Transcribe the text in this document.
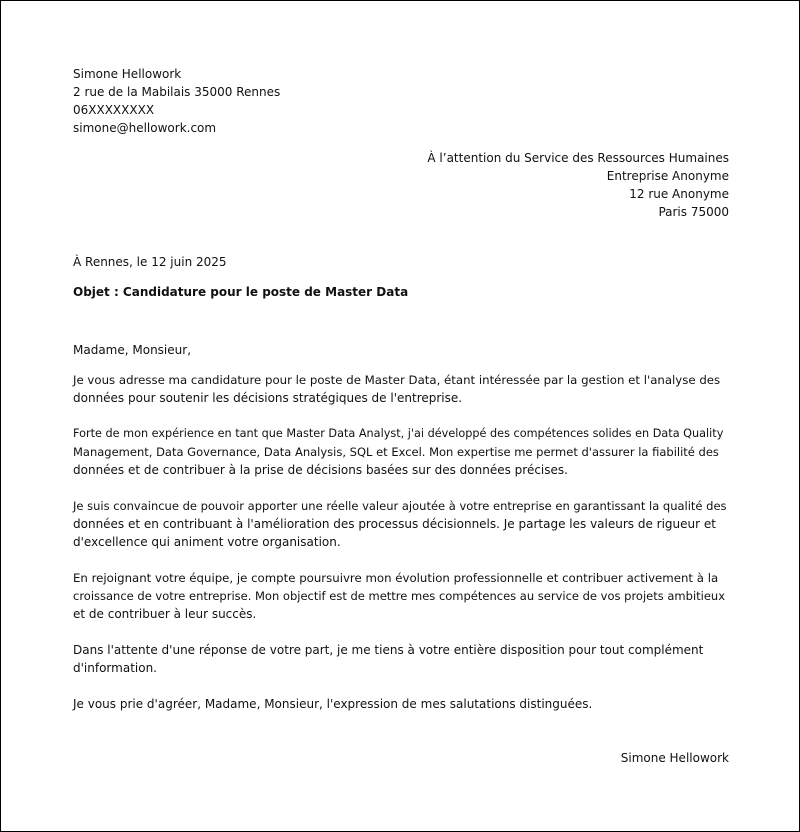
Simone Hellowork
2 rue de la Mabilais 35000 Rennes
06XXXXXXXX
simone@hellowork.com
À l’attention du Service des Ressources Humaines
Entreprise Anonyme
12 rue Anonyme
Paris 75000
À Rennes, le 12 juin 2025
Objet : Candidature pour le poste de Master Data
Madame, Monsieur,
Je vous adresse ma candidature pour le poste de Master Data, étant intéressée par la gestion et l'analyse des
données pour soutenir les décisions stratégiques de l'entreprise.
Forte de mon expérience en tant que Master Data Analyst, j'ai développé des compétences solides en Data Quality
Management, Data Governance, Data Analysis, SQL et Excel. Mon expertise me permet d'assurer la fiabilité des
données et de contribuer à la prise de décisions basées sur des données précises.
Je suis convaincue de pouvoir apporter une réelle valeur ajoutée à votre entreprise en garantissant la qualité des
données et en contribuant à l'amélioration des processus décisionnels. Je partage les valeurs de rigueur et
d'excellence qui animent votre organisation.
En rejoignant votre équipe, je compte poursuivre mon évolution professionnelle et contribuer activement à la
croissance de votre entreprise. Mon objectif est de mettre mes compétences au service de vos projets ambitieux
et de contribuer à leur succès.
Dans l'attente d'une réponse de votre part, je me tiens à votre entière disposition pour tout complément
d'information.
Je vous prie d'agréer, Madame, Monsieur, l'expression de mes salutations distinguées.
Simone Hellowork
